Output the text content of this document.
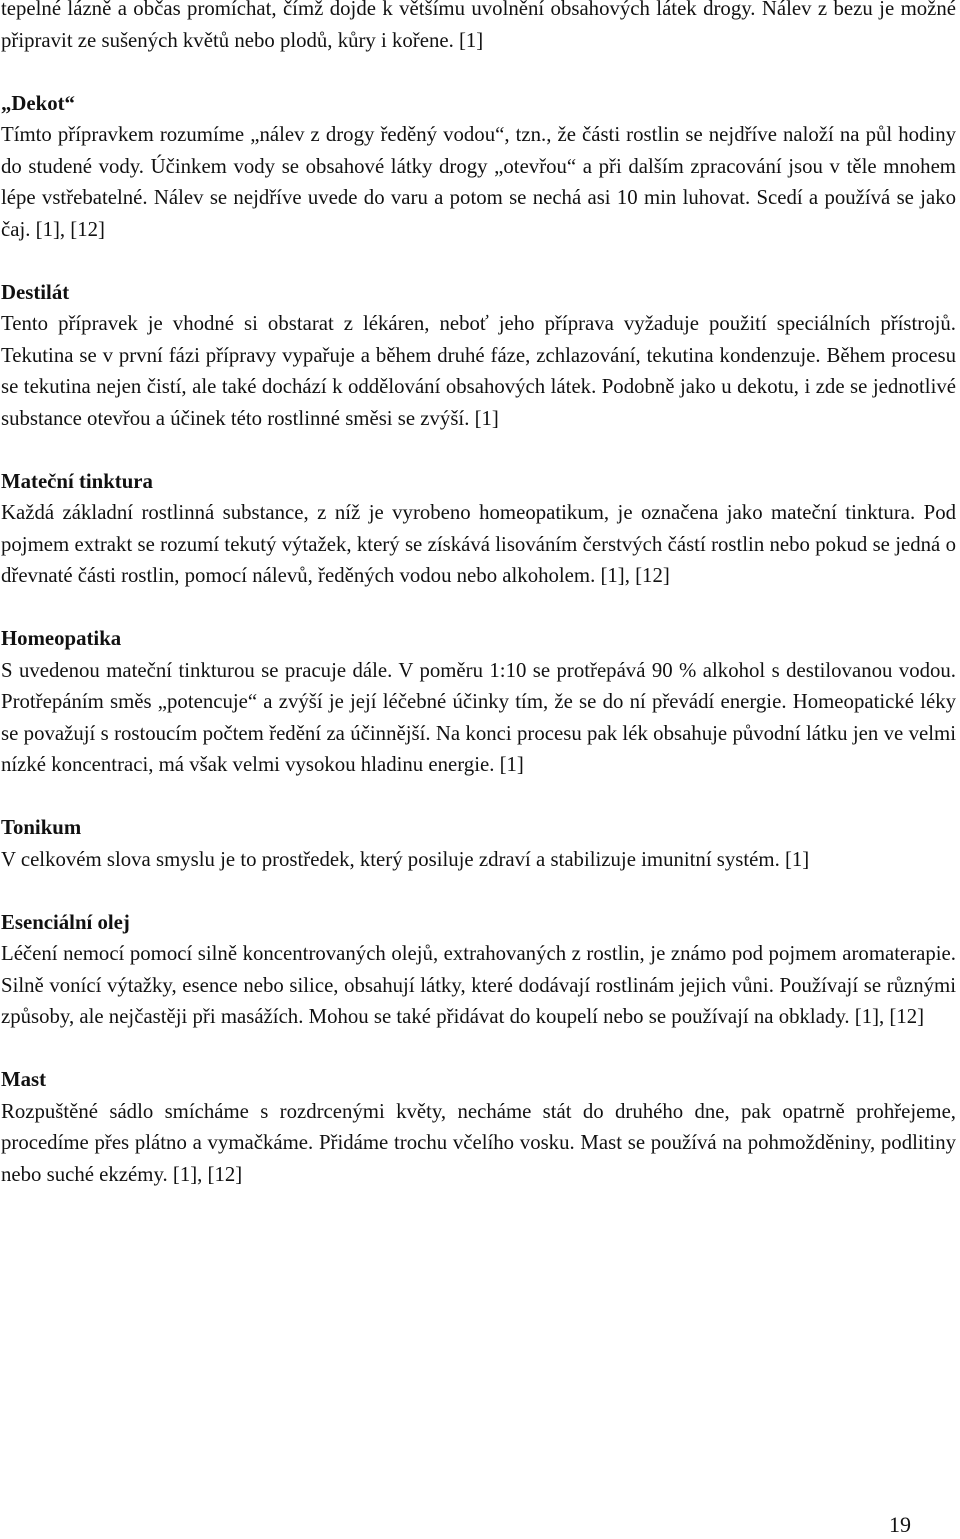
tepelné lázně a občas promíchat, čímž dojde k většímu uvolnění obsahových látek drogy. Nálev z bezu je možné připravit ze sušených květů nebo plodů, kůry i kořene. [1]

„Dekot“

Tímto přípravkem rozumíme „nálev z drogy ředěný vodou“, tzn., že části rostlin se nejdříve naloží na půl hodiny do studené vody. Účinkem vody se obsahové látky drogy „otevřou“ a při dalším zpracování jsou v těle mnohem lépe vstřebatelné. Nálev se nejdříve uvede do varu a potom se nechá asi 10 min luhovat. Scedí a používá se jako čaj. [1], [12]

Destilát

Tento přípravek je vhodné si obstarat z lékáren, neboť jeho příprava vyžaduje použití speciálních přístrojů. Tekutina se v první fázi přípravy vypařuje a během druhé fáze, zchlazování, tekutina kondenzuje. Během procesu se tekutina nejen čistí, ale také dochází k oddělování obsahových látek. Podobně jako u dekotu, i zde se jednotlivé substance otevřou a účinek této rostlinné směsi se zvýší. [1]

Mateční tinktura

Každá základní rostlinná substance, z níž je vyrobeno homeopatikum, je označena jako mateční tinktura. Pod pojmem extrakt se rozumí tekutý výtažek, který se získává lisováním čerstvých částí rostlin nebo pokud se jedná o dřevnaté části rostlin, pomocí nálevů, ředěných vodou nebo alkoholem. [1], [12]

Homeopatika

S uvedenou mateční tinkturou se pracuje dále. V poměru 1:10 se protřepává 90 % alkohol s destilovanou vodou. Protřepáním směs „potencuje“ a zvýší je její léčebné účinky tím, že se do ní převádí energie. Homeopatické léky se považují s rostoucím počtem ředění za účinnější. Na konci procesu pak lék obsahuje původní látku jen ve velmi nízké koncentraci, má však velmi vysokou hladinu energie. [1]

Tonikum

V celkovém slova smyslu je to prostředek, který posiluje zdraví a stabilizuje imunitní systém. [1]

Esenciální olej

Léčení nemocí pomocí silně koncentrovaných olejů, extrahovaných z rostlin, je známo pod pojmem aromaterapie. Silně vonící výtažky, esence nebo silice, obsahují látky, které dodávají rostlinám jejich vůni. Používají se různými způsoby, ale nejčastěji při masážích. Mohou se také přidávat do koupelí nebo se používají na obklady. [1], [12]

Mast

Rozpuštěné sádlo smícháme s rozdrcenými květy, necháme stát do druhého dne, pak opatrně prohřejeme, procedíme přes plátno a vymačkáme. Přidáme trochu včelího vosku. Mast se používá na pohmožděniny, podlitiny nebo suché ekzémy. [1], [12]

19
